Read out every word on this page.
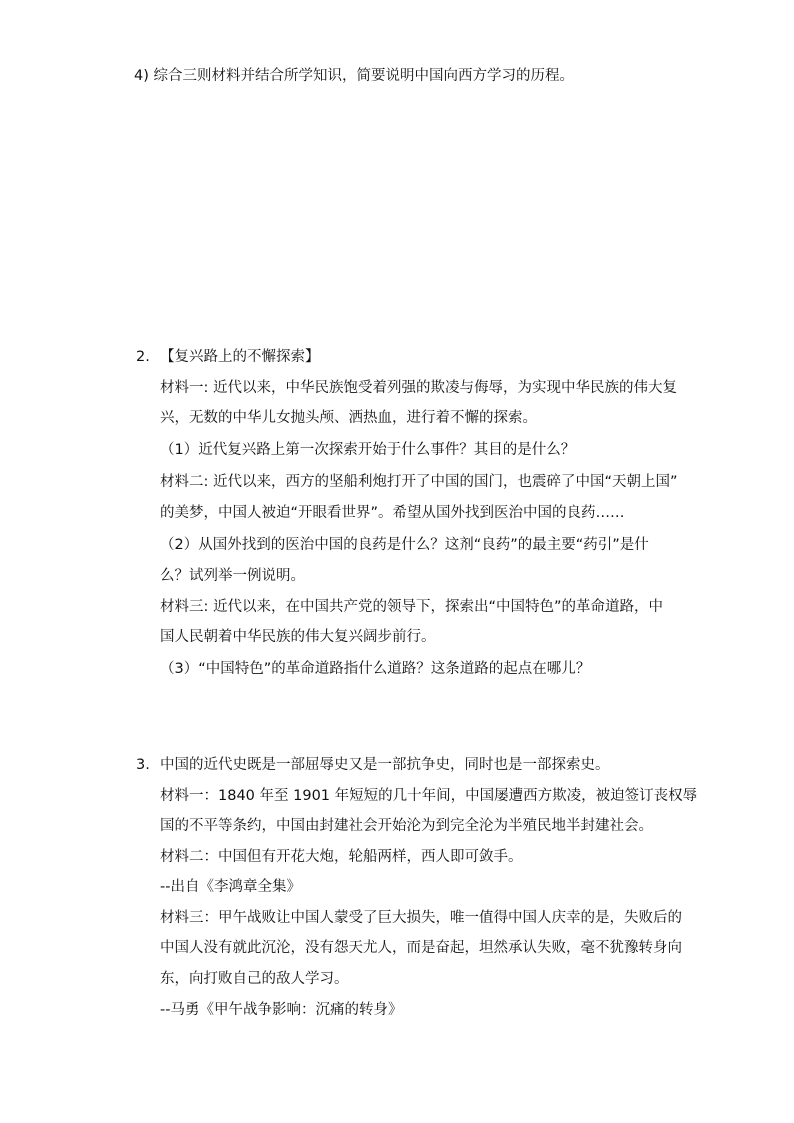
4) 综合三则材料并结合所学知识，简要说明中国向西方学习的历程。
2. 【复兴路上的不懈探索】
材料一: 近代以来，中华民族饱受着列强的欺凌与侮辱，为实现中华民族的伟大复
兴，无数的中华儿女抛头颅、洒热血，进行着不懈的探索。
（1）近代复兴路上第一次探索开始于什么事件？其目的是什么？
材料二: 近代以来，西方的坚船利炮打开了中国的国门，也震碎了中国“天朝上国”
的美梦，中国人被迫“开眼看世界”。希望从国外找到医治中国的良药……
（2）从国外找到的医治中国的良药是什么？这剂“良药”的最主要“药引”是什
么？试列举一例说明。
材料三: 近代以来，在中国共产党的领导下，探索出“中国特色”的革命道路，中
国人民朝着中华民族的伟大复兴阔步前行。
（3）“中国特色”的革命道路指什么道路？这条道路的起点在哪儿？
3. 中国的近代史既是一部屈辱史又是一部抗争史，同时也是一部探索史。
材料一：1840 年至 1901 年短短的几十年间，中国屡遭西方欺凌，被迫签订丧权辱
国的不平等条约，中国由封建社会开始沦为到完全沦为半殖民地半封建社会。
材料二：中国但有开花大炮，轮船两样，西人即可敛手。
--出自《李鸿章全集》
材料三：甲午战败让中国人蒙受了巨大损失，唯一值得中国人庆幸的是，失败后的
中国人没有就此沉沦，没有怨天尤人，而是奋起，坦然承认失败，毫不犹豫转身向
东，向打败自己的敌人学习。
--马勇《甲午战争影响：沉痛的转身》
